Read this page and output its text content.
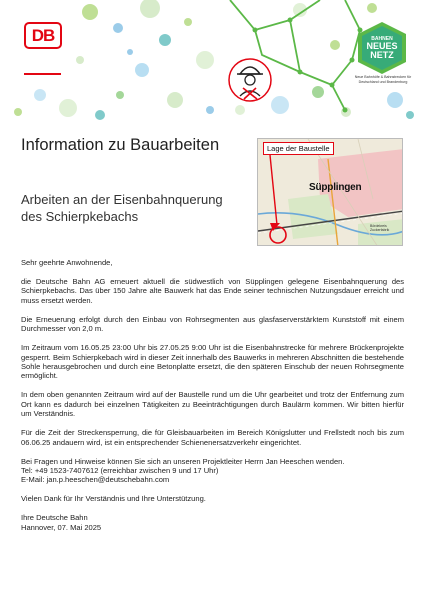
DB	BAHNEN
NEUES
NETZ
Neue Bahnhöfe & Bahnstrecken für Deutschland und Brandenburg
Information zu Bauarbeiten
Arbeiten an der Eisenbahnquerung des Schierpkebachs
Lage der Baustelle
Süpplingen
Bördekreis Zuckerfabrik

Sehr geehrte Anwohnende,

die Deutsche Bahn AG erneuert aktuell die südwestlich von Süpplingen gelegene Eisenbahnquerung des Schierpkebachs. Das über 150 Jahre alte Bauwerk hat das Ende seiner technischen Nutzungsdauer erreicht und muss ersetzt werden.

Die Erneuerung erfolgt durch den Einbau von Rohrsegmenten aus glasfaserverstärktem Kunststoff mit einem Durchmesser von 2,0 m.

Im Zeitraum vom 16.05.25 23:00 Uhr bis 27.05.25 9:00 Uhr ist die Eisenbahnstrecke für mehrere Brückenprojekte gesperrt. Beim Schierpkebach wird in dieser Zeit innerhalb des Bauwerks in mehreren Abschnitten die bestehende Sohle herausgebrochen und durch eine Betonplatte ersetzt, die den späteren Einschub der neuen Rohrsegmente ermöglicht.

In dem oben genannten Zeitraum wird auf der Baustelle rund um die Uhr gearbeitet und trotz der Entfernung zum Ort kann es dadurch bei einzelnen Tätigkeiten zu Beeinträchtigungen durch Baulärm kommen. Wir bitten hierfür um Verständnis.

Für die Zeit der Streckensperrung, die für Gleisbauarbeiten im Bereich Königslutter und Frellstedt noch bis zum 06.06.25 andauern wird, ist ein entsprechender Schienenersatzverkehr eingerichtet.

Bei Fragen und Hinweise können Sie sich an unseren Projektleiter Herrn Jan Heeschen wenden.
Tel: +49 1523-7407612 (erreichbar zwischen 9 und 17 Uhr)
E-Mail: jan.p.heeschen@deutschebahn.com

Vielen Dank für Ihr Verständnis und Ihre Unterstützung.

Ihre Deutsche Bahn
Hannover, 07. Mai 2025
